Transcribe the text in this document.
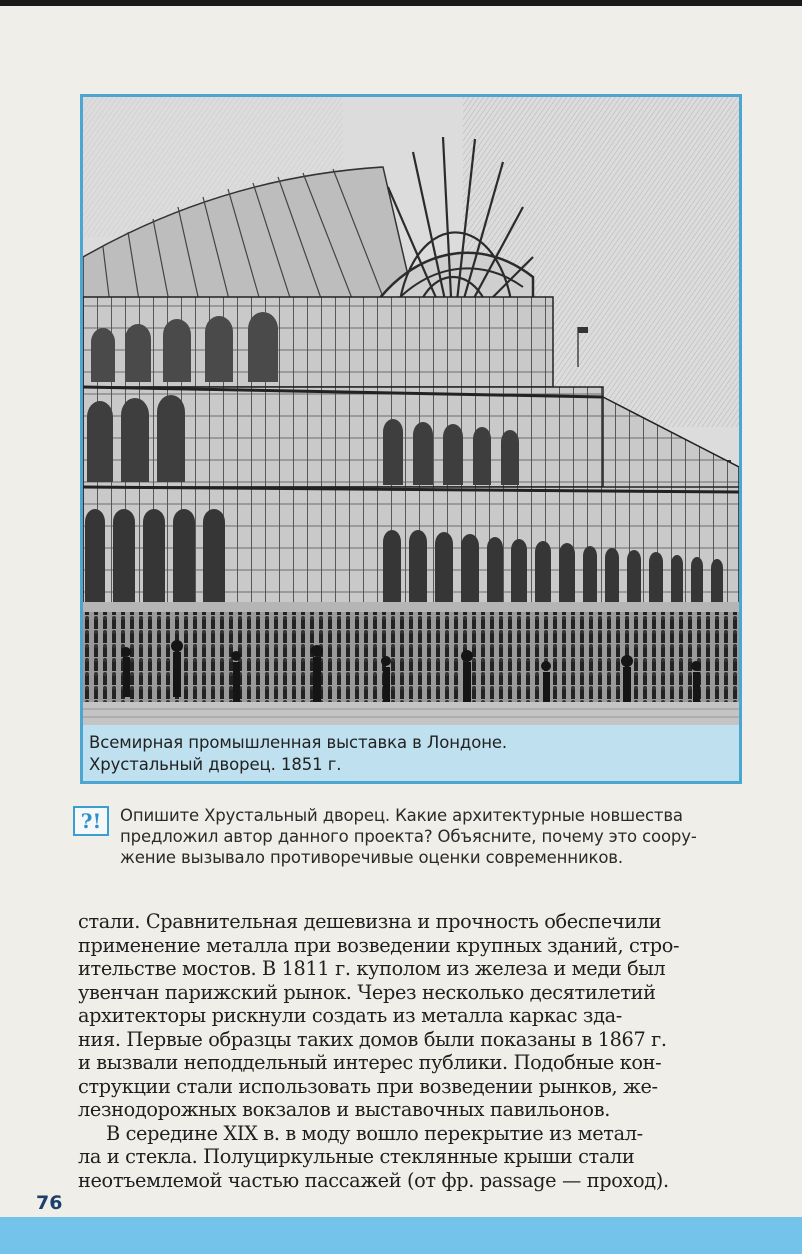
Всемирная промышленная выставка в Лондоне.
Хрустальный дворец. 1851 г.
?!	Опишите Хрустальный дворец. Какие архитектурные новшества
предложил автор данного проекта? Объясните, почему это соору-
жение вызывало противоречивые оценки современников.
стали. Сравнительная дешевизна и прочность обеспечили
применение металла при возведении крупных зданий, стро-
ительстве мостов. В 1811 г. куполом из железа и меди был
увенчан парижский рынок. Через несколько десятилетий
архитекторы рискнули создать из металла каркас зда-
ния. Первые образцы таких домов были показаны в 1867 г.
и вызвали неподдельный интерес публики. Подобные кон-
струкции стали использовать при возведении рынков, же-
лезнодорожных вокзалов и выставочных павильонов.
В середине XIX в. в моду вошло перекрытие из метал-
ла и стекла. Полуциркульные стеклянные крыши стали
неотъемлемой частью пассажей (от фр. passage — проход).
76
